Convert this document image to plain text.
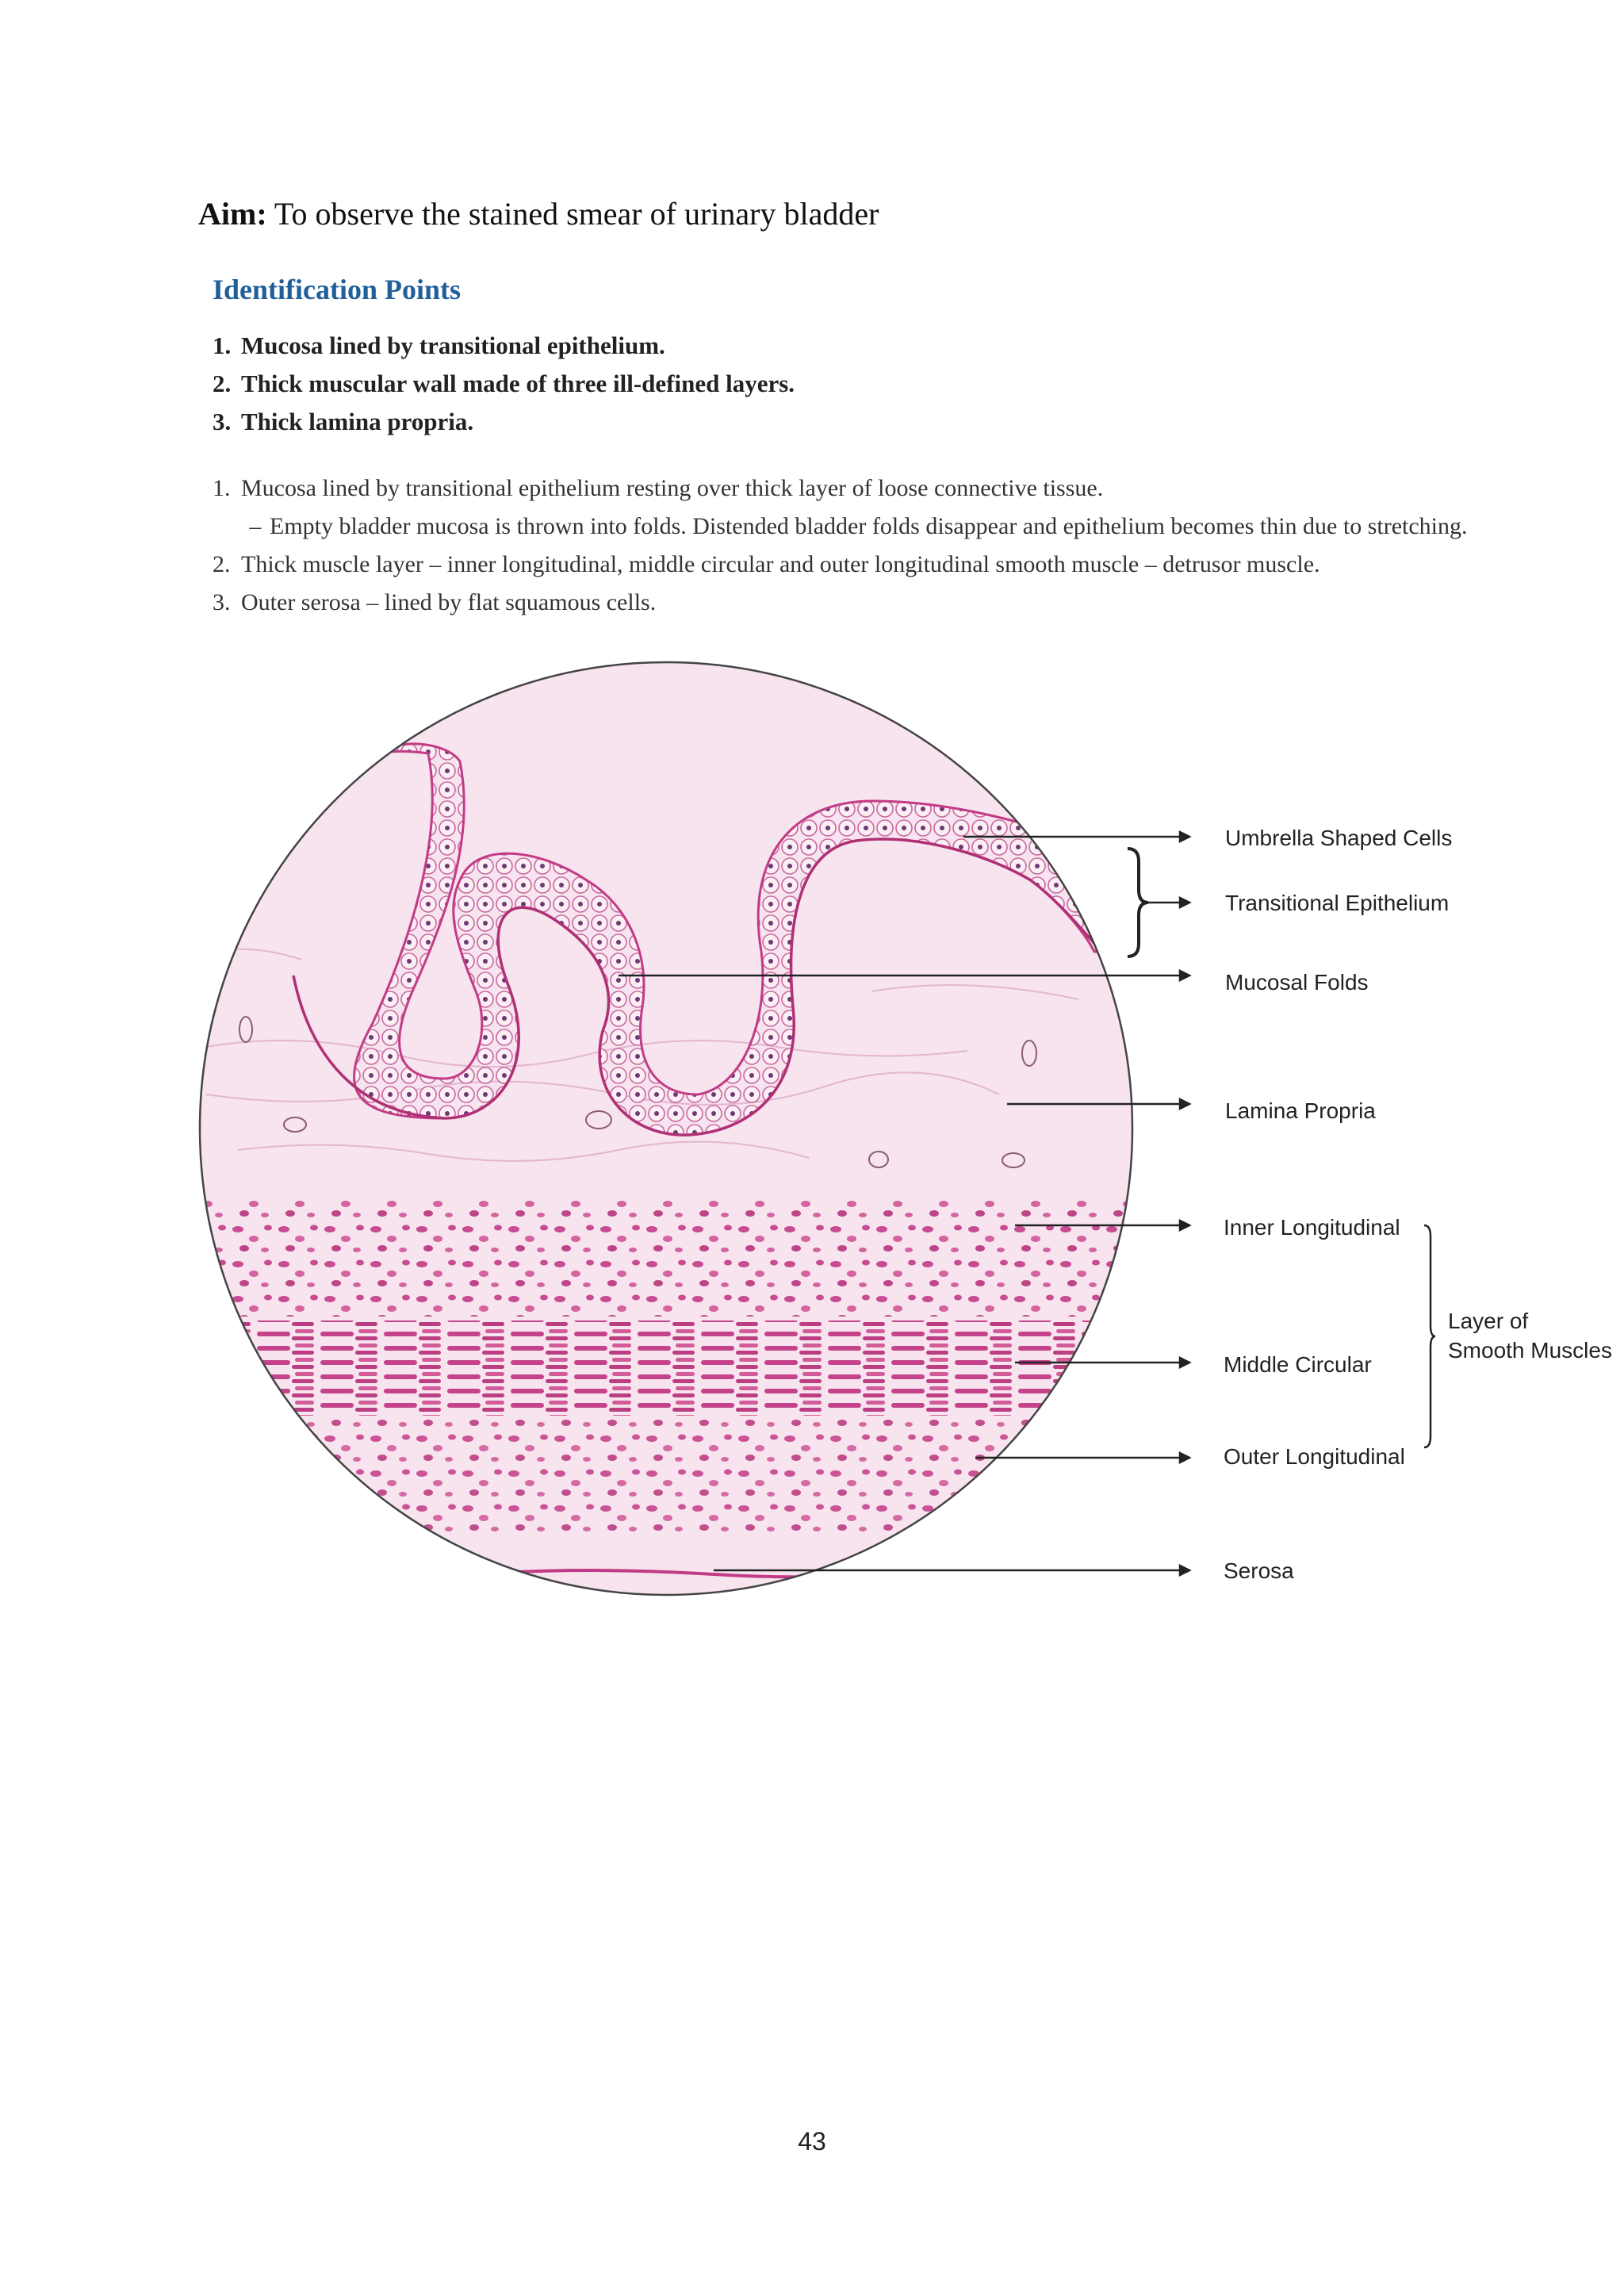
Aim: To observe the stained smear of urinary bladder
Identification Points
1. Mucosa lined by transitional epithelium.
2. Thick muscular wall made of three ill-defined layers.
3. Thick lamina propria.
1. Mucosa lined by transitional epithelium resting over thick layer of loose connective tissue.
– Empty bladder mucosa is thrown into folds. Distended bladder folds disappear and epithelium becomes thin due to stretching.
2. Thick muscle layer – inner longitudinal, middle circular and outer longitudinal smooth muscle – detrusor muscle.
3. Outer serosa – lined by flat squamous cells.
Umbrella Shaped Cells
Transitional Epithelium
Mucosal Folds
Lamina Propria
Inner Longitudinal
Middle Circular
Outer Longitudinal
Serosa
Layer of
Smooth Muscles
43
